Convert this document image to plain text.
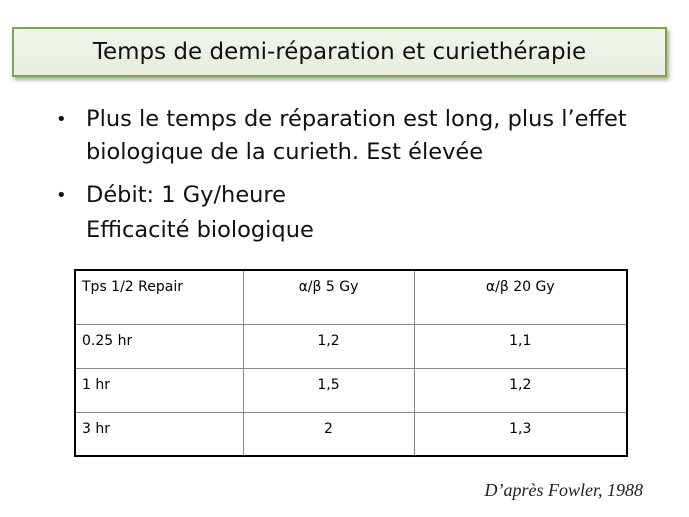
Temps de demi-réparation et curiethérapie
• Plus le temps de réparation est long, plus l’effet biologique de la curieth. Est élevée
• Débit: 1 Gy/heure
Efficacité biologique
Tps 1/2 Repair	α/β 5 Gy	α/β 20 Gy
0.25 hr	1,2	1,1
1 hr	1,5	1,2
3 hr	2	1,3
D’après Fowler, 1988
